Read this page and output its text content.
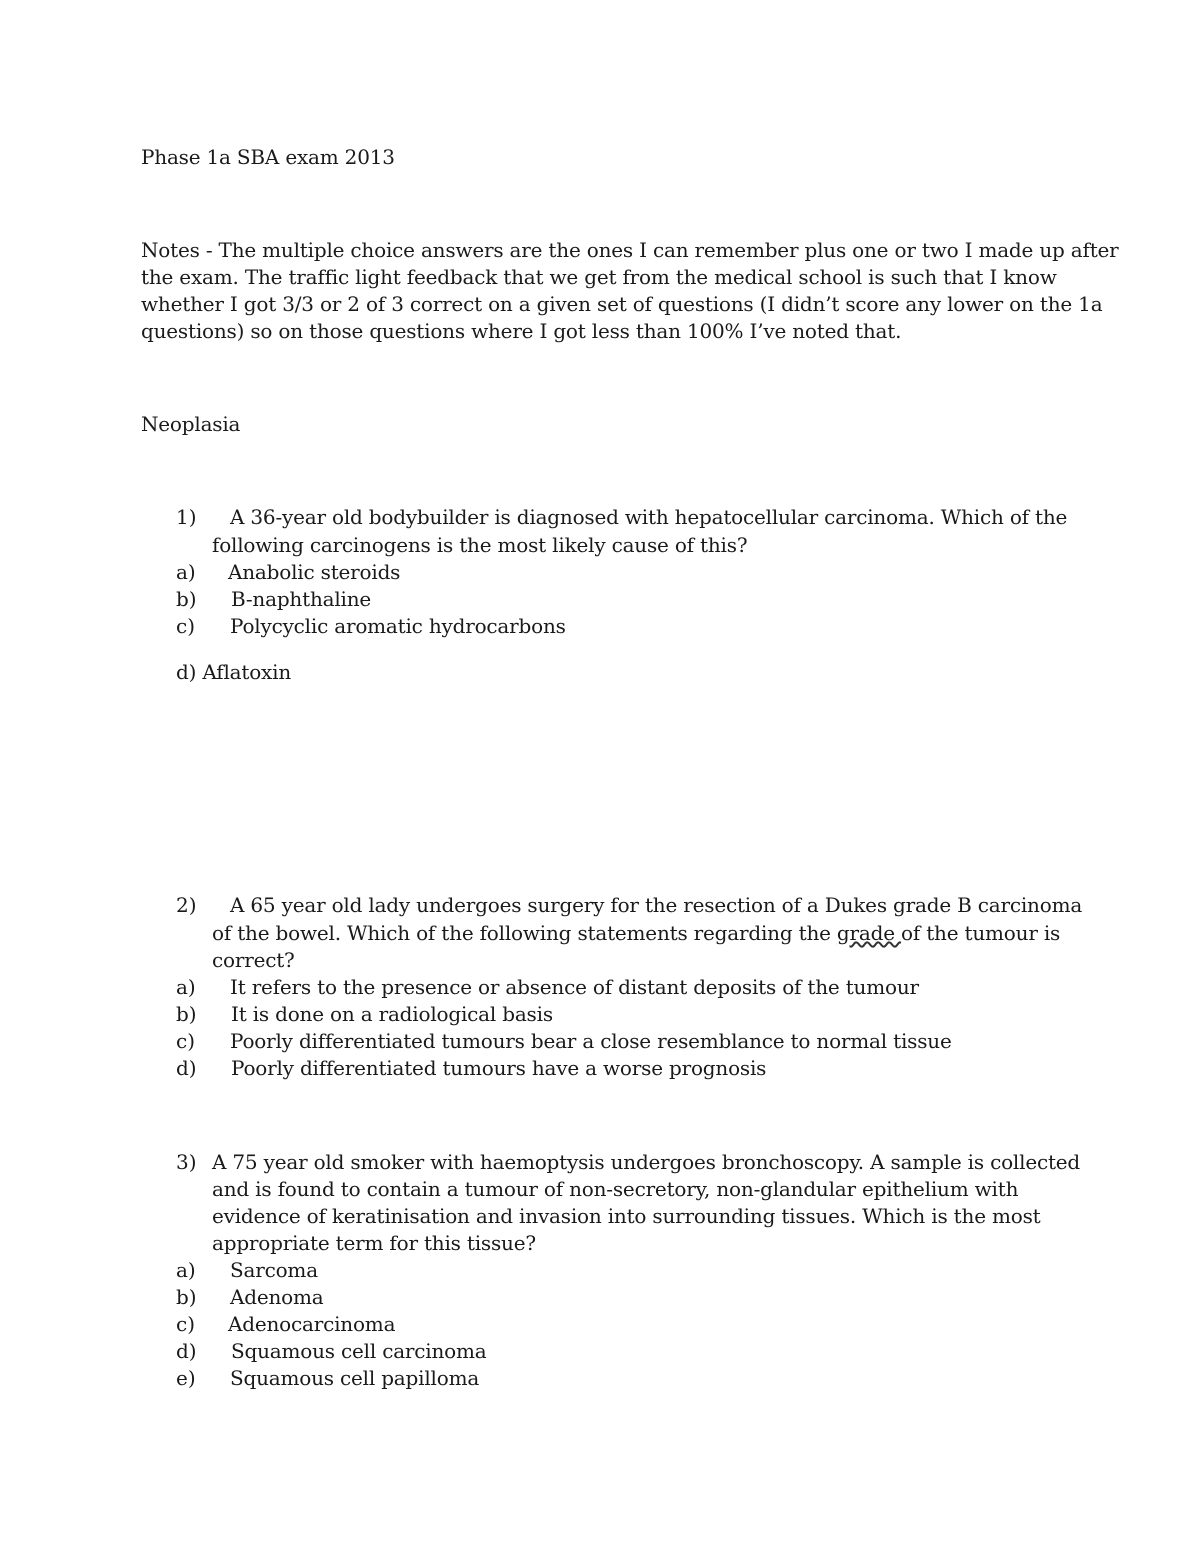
Phase 1a SBA exam 2013
Notes - The multiple choice answers are the ones I can remember plus one or two I made up after
the exam. The traffic light feedback that we get from the medical school is such that I know
whether I got 3/3 or 2 of 3 correct on a given set of questions (I didn’t score any lower on the 1a
questions) so on those questions where I got less than 100% I’ve noted that.
Neoplasia
1) A 36-year old bodybuilder is diagnosed with hepatocellular carcinoma. Which of the
following carcinogens is the most likely cause of this?
a) Anabolic steroids
b) B-naphthaline
c) Polycyclic aromatic hydrocarbons
d) Aflatoxin
2) A 65 year old lady undergoes surgery for the resection of a Dukes grade B carcinoma
of the bowel. Which of the following statements regarding the grade of the tumour is
correct?
a) It refers to the presence or absence of distant deposits of the tumour
b) It is done on a radiological basis
c) Poorly differentiated tumours bear a close resemblance to normal tissue
d) Poorly differentiated tumours have a worse prognosis
3) A 75 year old smoker with haemoptysis undergoes bronchoscopy. A sample is collected
and is found to contain a tumour of non-secretory, non-glandular epithelium with
evidence of keratinisation and invasion into surrounding tissues. Which is the most
appropriate term for this tissue?
a) Sarcoma
b) Adenoma
c) Adenocarcinoma
d) Squamous cell carcinoma
e) Squamous cell papilloma
